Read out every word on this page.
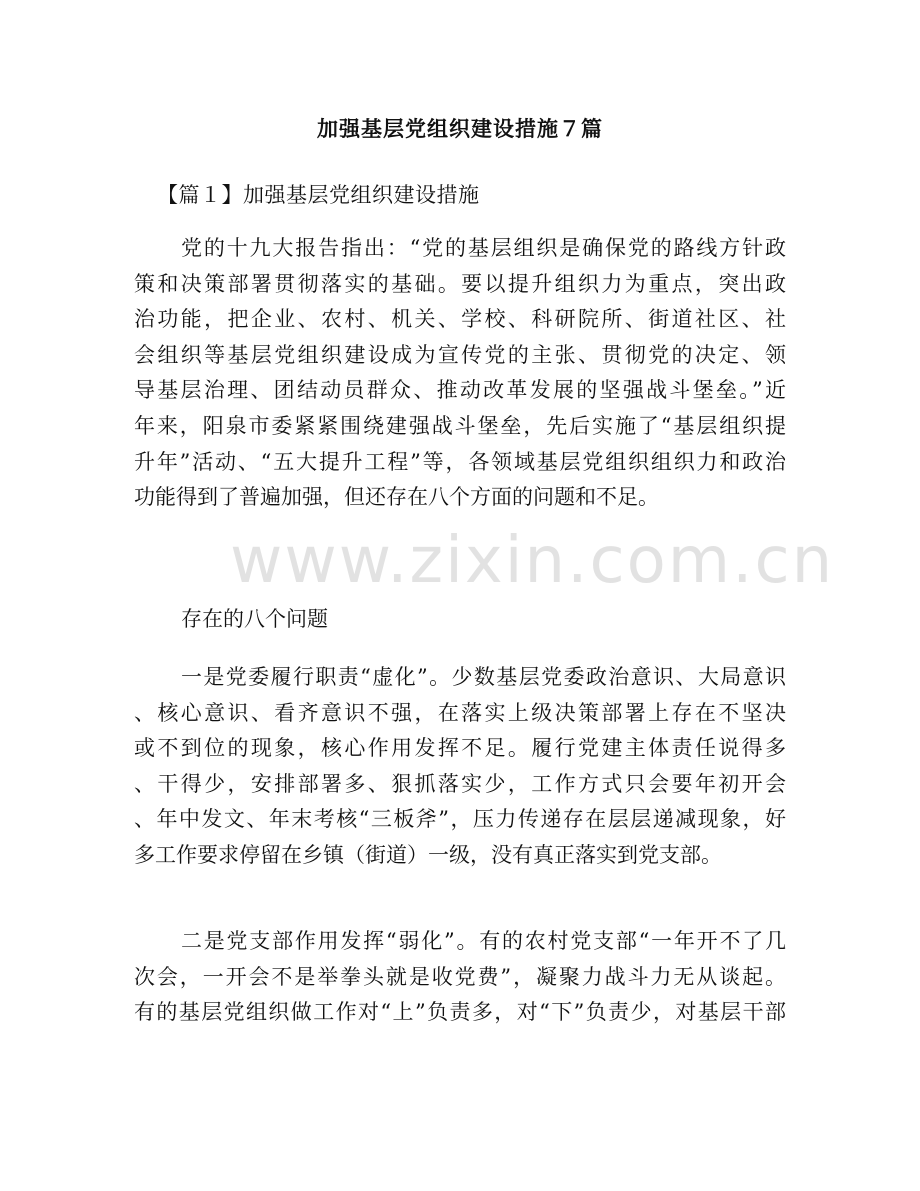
www.zixin.com.cn
加强基层党组织建设措施７篇
【篇１】加强基层党组织建设措施
党的十九大报告指出：“党的基层组织是确保党的路线方针政
策和决策部署贯彻落实的基础。要以提升组织力为重点，突出政
治功能，把企业、农村、机关、学校、科研院所、街道社区、社
会组织等基层党组织建设成为宣传党的主张、贯彻党的决定、领
导基层治理、团结动员群众、推动改革发展的坚强战斗堡垒。”近
年来，阳泉市委紧紧围绕建强战斗堡垒，先后实施了“基层组织提
升年”活动、“五大提升工程”等，各领域基层党组织组织力和政治
功能得到了普遍加强，但还存在八个方面的问题和不足。
存在的八个问题
一是党委履行职责“虚化”。少数基层党委政治意识、大局意识
、核心意识、看齐意识不强，在落实上级决策部署上存在不坚决
或不到位的现象，核心作用发挥不足。履行党建主体责任说得多
、干得少，安排部署多、狠抓落实少，工作方式只会要年初开会
、年中发文、年末考核“三板斧”，压力传递存在层层递减现象，好
多工作要求停留在乡镇（街道）一级，没有真正落实到党支部。
二是党支部作用发挥“弱化”。有的农村党支部“一年开不了几
次会，一开会不是举拳头就是收党费”，凝聚力战斗力无从谈起。
有的基层党组织做工作对“上”负责多，对“下”负责少，对基层干部
